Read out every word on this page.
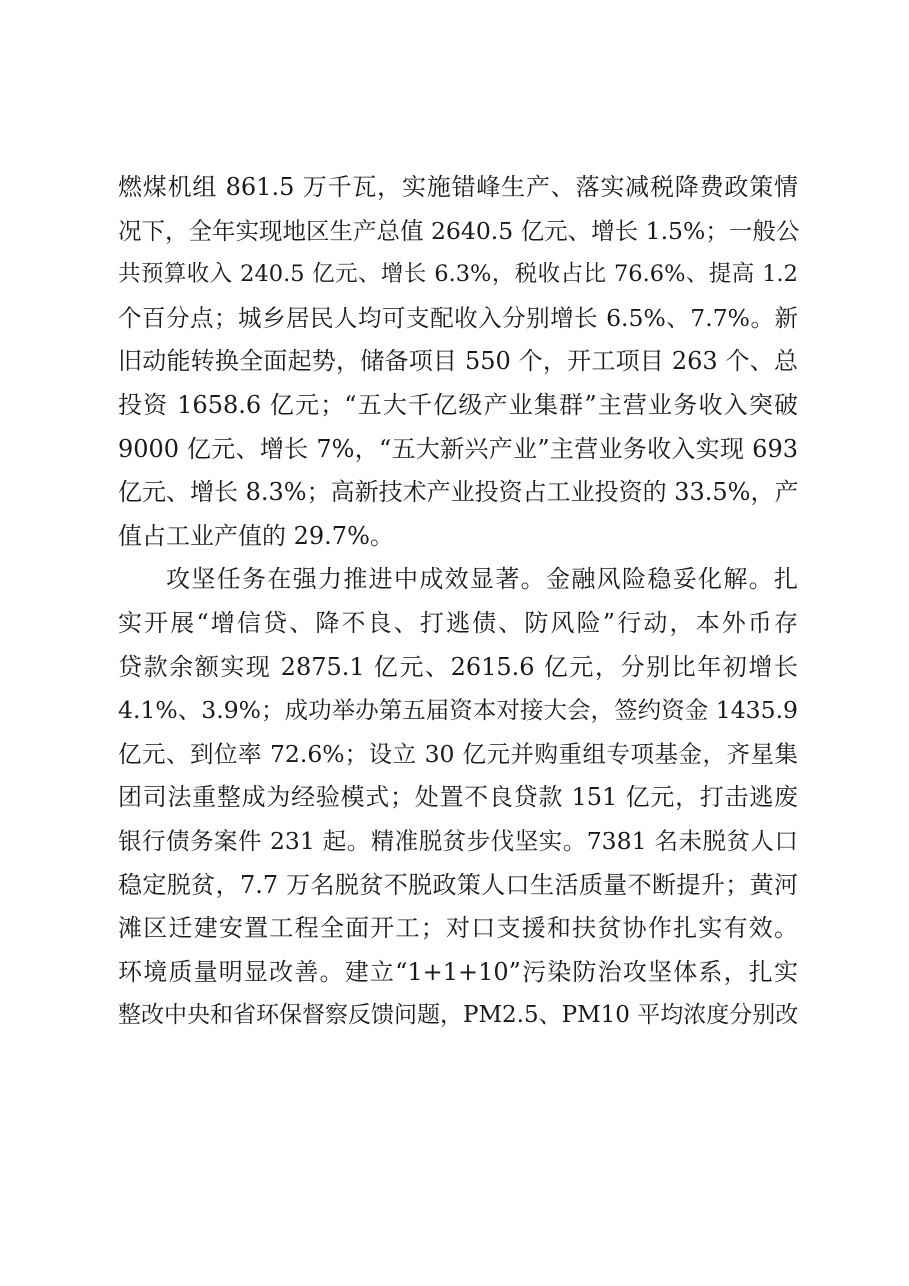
燃煤机组 861.5 万千瓦，实施错峰生产、落实减税降费政策情
况下，全年实现地区生产总值 2640.5 亿元、增长 1.5%；一般公
共预算收入 240.5 亿元、增长 6.3%，税收占比 76.6%、提高 1.2
个百分点；城乡居民人均可支配收入分别增长 6.5%、7.7%。新
旧动能转换全面起势，储备项目 550 个，开工项目 263 个、总
投资 1658.6 亿元；“五大千亿级产业集群”主营业务收入突破
9000 亿元、增长 7%，“五大新兴产业”主营业务收入实现 693
亿元、增长 8.3%；高新技术产业投资占工业投资的 33.5%，产
值占工业产值的 29.7%。
攻坚任务在强力推进中成效显著。金融风险稳妥化解。扎
实开展“增信贷、降不良、打逃债、防风险”行动，本外币存
贷款余额实现 2875.1 亿元、2615.6 亿元，分别比年初增长
4.1%、3.9%；成功举办第五届资本对接大会，签约资金 1435.9
亿元、到位率 72.6%；设立 30 亿元并购重组专项基金，齐星集
团司法重整成为经验模式；处置不良贷款 151 亿元，打击逃废
银行债务案件 231 起。精准脱贫步伐坚实。7381 名未脱贫人口
稳定脱贫，7.7 万名脱贫不脱政策人口生活质量不断提升；黄河
滩区迁建安置工程全面开工；对口支援和扶贫协作扎实有效。
环境质量明显改善。建立“1+1+10”污染防治攻坚体系，扎实
整改中央和省环保督察反馈问题，PM2.5、PM10 平均浓度分别改
